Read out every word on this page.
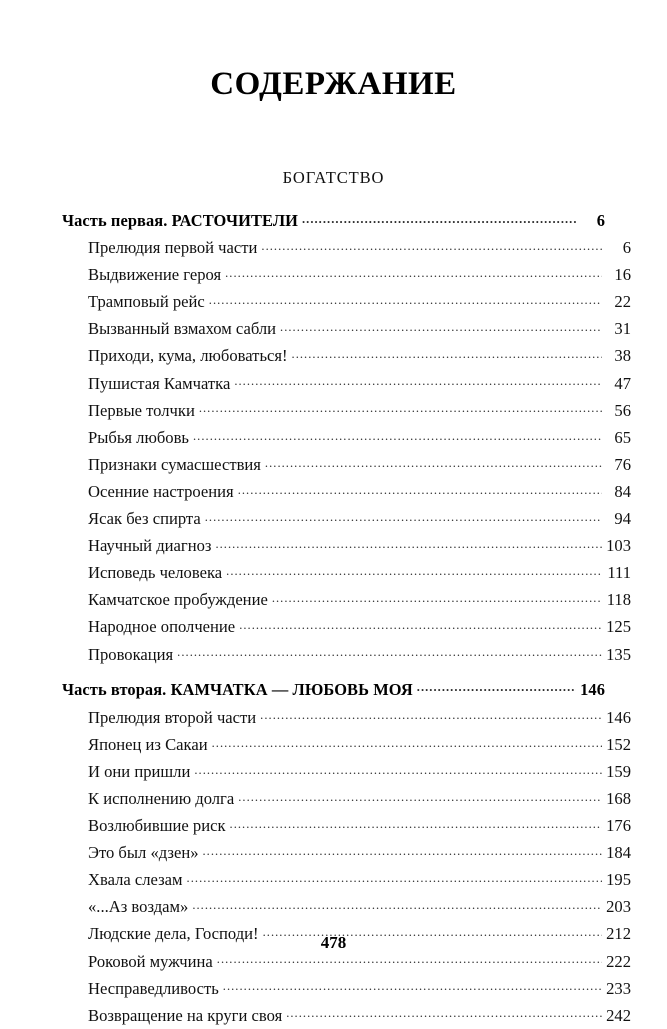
СОДЕРЖАНИЕ
БОГАТСТВО
Часть первая. РАСТОЧИТЕЛИ .....	6
Прелюдия первой части .....	6
Выдвижение героя .....	16
Трамповый рейс .....	22
Вызванный взмахом сабли .....	31
Приходи, кума, любоваться! .....	38
Пушистая Камчатка .....	47
Первые толчки .....	56
Рыбья любовь .....	65
Признаки сумасшествия .....	76
Осенние настроения .....	84
Ясак без спирта .....	94
Научный диагноз .....	103
Исповедь человека .....	111
Камчатское пробуждение .....	118
Народное ополчение .....	125
Провокация .....	135
Часть вторая. КАМЧАТКА — ЛЮБОВЬ МОЯ .....	146
Прелюдия второй части .....	146
Японец из Сакаи .....	152
И они пришли .....	159
К исполнению долга .....	168
Возлюбившие риск .....	176
Это был «дзен» .....	184
Хвала слезам .....	195
«...Аз воздам» .....	203
Людские дела, Господи! .....	212
Роковой мужчина .....	222
Несправедливость .....	233
Возвращение на круги своя .....	242
478
